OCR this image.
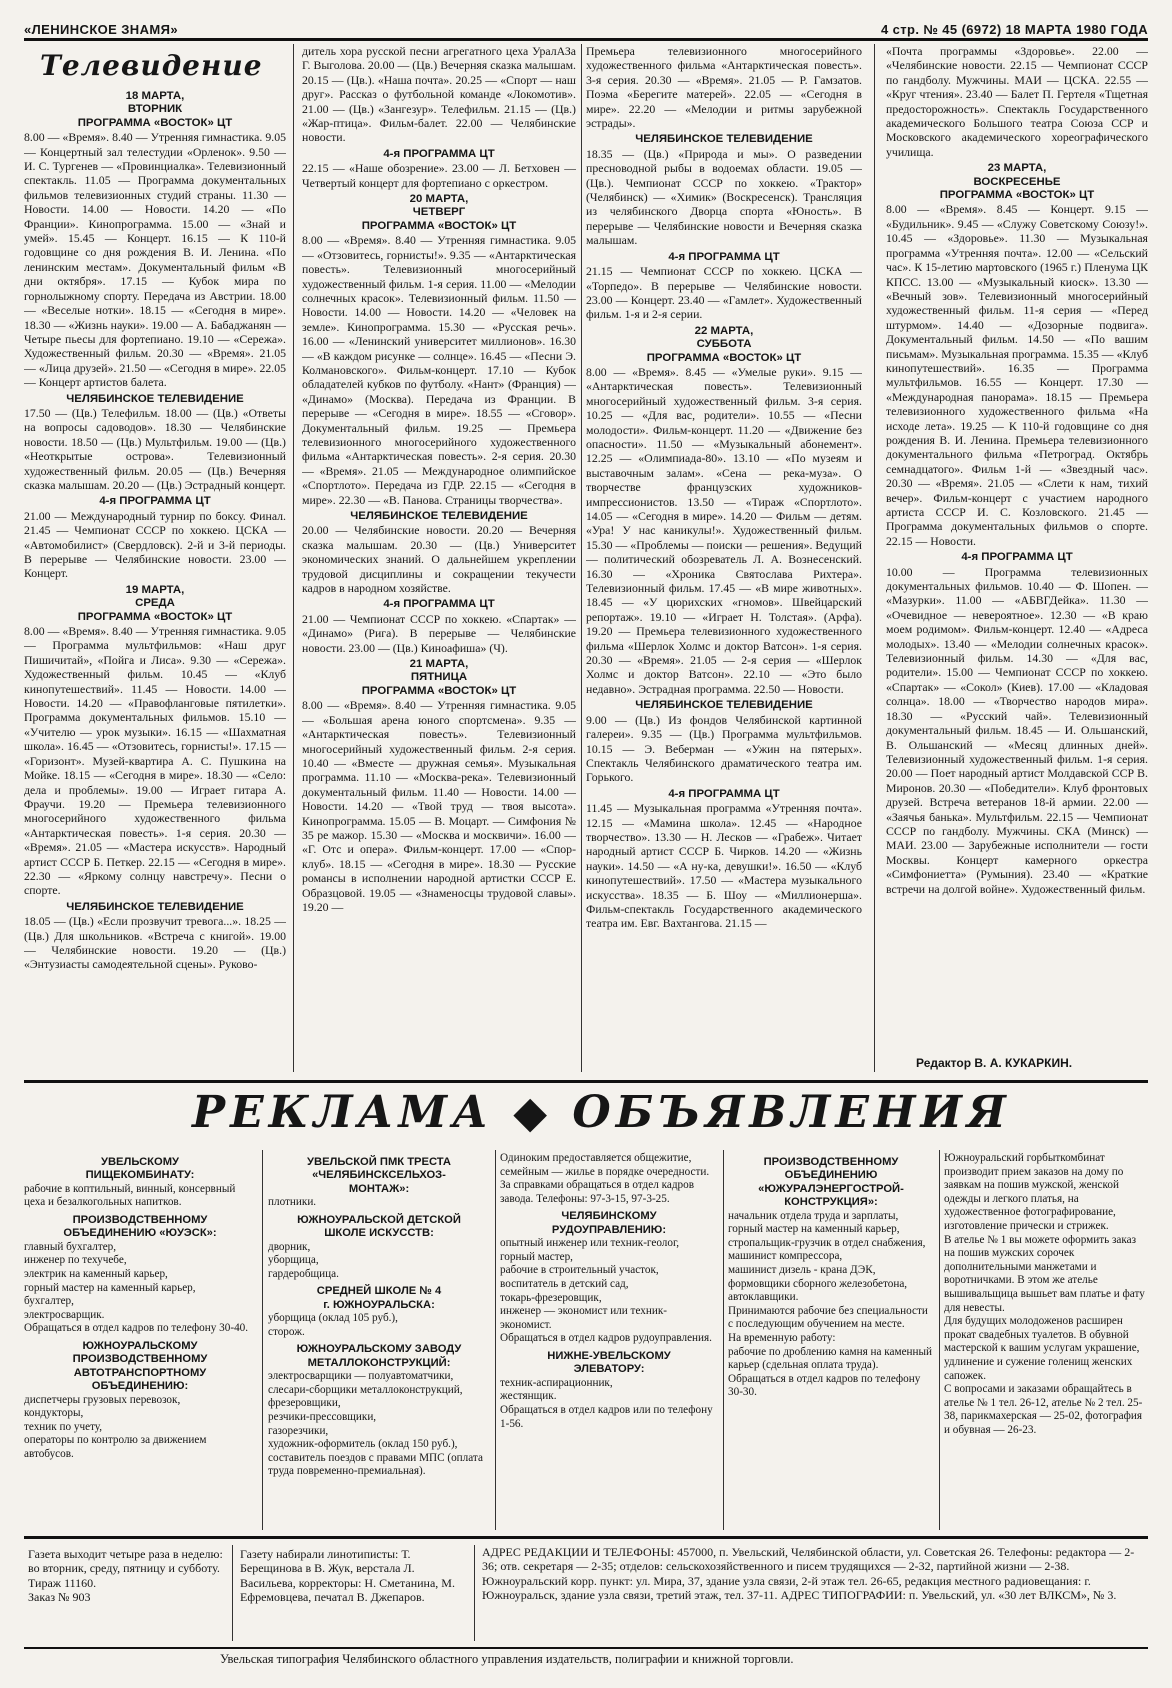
«ЛЕНИНСКОЕ ЗНАМЯ»	4 стр. № 45 (6972) 18 МАРТА 1980 ГОДА
Телевидение
18 МАРТА,
ВТОРНИК
ПРОГРАММА «ВОСТОК» ЦТ
8.00 — «Время». 8.40 — Утренняя гимнастика. 9.05 — Концертный зал телестудии «Орленок». 9.50 — И. С. Тургенев — «Провинциалка». Телевизионный спектакль. 11.05 — Программа документальных фильмов телевизионных студий страны. 11.30 — Новости. 14.00 — Новости. 14.20 — «По Франции». Кинопрограмма. 15.00 — «Знай и умей». 15.45 — Концерт. 16.15 — К 110-й годовщине со дня рождения В. И. Ленина. «По ленинским местам». Документальный фильм «В дни октября». 17.15 — Кубок мира по горнолыжному спорту. Передача из Австрии. 18.00 — «Веселые нотки». 18.15 — «Сегодня в мире». 18.30 — «Жизнь науки». 19.00 — А. Бабаджанян — Четыре пьесы для фортепиано. 19.10 — «Сережа». Художественный фильм. 20.30 — «Время». 21.05 — «Лица друзей». 21.50 — «Сегодня в мире». 22.05 — Концерт артистов балета.
ЧЕЛЯБИНСКОЕ ТЕЛЕВИДЕНИЕ
17.50 — (Цв.) Телефильм. 18.00 — (Цв.) «Ответы на вопросы садоводов». 18.30 — Челябинские новости. 18.50 — (Цв.) Мультфильм. 19.00 — (Цв.) «Неоткрытые острова». Телевизионный художественный фильм. 20.05 — (Цв.) Вечерняя сказка малышам. 20.20 — (Цв.) Эстрадный концерт.
4-я ПРОГРАММА ЦТ
21.00 — Международный турнир по боксу. Финал. 21.45 — Чемпионат СССР по хоккею. ЦСКА — «Автомобилист» (Свердловск). 2-й и 3-й периоды. В перерыве — Челябинские новости. 23.00 — Концерт.
19 МАРТА,
СРЕДА
ПРОГРАММА «ВОСТОК» ЦТ
8.00 — «Время». 8.40 — Утренняя гимнастика. 9.05 — Программа мультфильмов: «Наш друг Пишичитай», «Пойга и Лиса». 9.30 — «Сережа». Художественный фильм. 10.45 — «Клуб кинопутешествий». 11.45 — Новости. 14.00 — Новости. 14.20 — «Правофланговые пятилетки». Программа документальных фильмов. 15.10 — «Учителю — урок музыки». 16.15 — «Шахматная школа». 16.45 — «Отзовитесь, горнисты!». 17.15 — «Горизонт». Музей-квартира А. С. Пушкина на Мойке. 18.15 — «Сегодня в мире». 18.30 — «Село: дела и проблемы». 19.00 — Играет гитара А. Фраучи. 19.20 — Премьера телевизионного многосерийного художественного фильма «Антарктическая повесть». 1-я серия. 20.30 — «Время». 21.05 — «Мастера искусств». Народный артист СССР Б. Петкер. 22.15 — «Сегодня в мире». 22.30 — «Яркому солнцу навстречу». Песни о спорте.
ЧЕЛЯБИНСКОЕ ТЕЛЕВИДЕНИЕ
18.05 — (Цв.) «Если прозвучит тревога...». 18.25 — (Цв.) Для школьников. «Встреча с книгой». 19.00 — Челябинские новости. 19.20 — (Цв.) «Энтузиасты самодеятельной сцены». Руково-
дитель хора русской песни агрегатного цеха УралАЗа Г. Выголова. 20.00 — (Цв.) Вечерняя сказка малышам. 20.15 — (Цв.). «Наша почта». 20.25 — «Спорт — наш друг». Рассказ о футбольной команде «Локомотив». 21.00 — (Цв.) «Зангезур». Телефильм. 21.15 — (Цв.) «Жар-птица». Фильм-балет. 22.00 — Челябинские новости.
4-я ПРОГРАММА ЦТ
22.15 — «Наше обозрение». 23.00 — Л. Бетховен — Четвертый концерт для фортепиано с оркестром.
20 МАРТА,
ЧЕТВЕРГ
ПРОГРАММА «ВОСТОК» ЦТ
8.00 — «Время». 8.40 — Утренняя гимнастика. 9.05 — «Отзовитесь, горнисты!». 9.35 — «Антарктическая повесть». Телевизионный многосерийный художественный фильм. 1-я серия. 11.00 — «Мелодии солнечных красок». Телевизионный фильм. 11.50 — Новости. 14.00 — Новости. 14.20 — «Человек на земле». Кинопрограмма. 15.30 — «Русская речь». 16.00 — «Ленинский университет миллионов». 16.30 — «В каждом рисунке — солнце». 16.45 — «Песни Э. Колмановского». Фильм-концерт. 17.10 — Кубок обладателей кубков по футболу. «Нант» (Франция) — «Динамо» (Москва). Передача из Франции. В перерыве — «Сегодня в мире». 18.55 — «Сговор». Документальный фильм. 19.25 — Премьера телевизионного многосерийного художественного фильма «Антарктическая повесть». 2-я серия. 20.30 — «Время». 21.05 — Международное олимпийское «Спортлото». Передача из ГДР. 22.15 — «Сегодня в мире». 22.30 — «В. Панова. Страницы творчества».
ЧЕЛЯБИНСКОЕ ТЕЛЕВИДЕНИЕ
20.00 — Челябинские новости. 20.20 — Вечерняя сказка малышам. 20.30 — (Цв.) Университет экономических знаний. О дальнейшем укреплении трудовой дисциплины и сокращении текучести кадров в народном хозяйстве.
4-я ПРОГРАММА ЦТ
21.00 — Чемпионат СССР по хоккею. «Спартак» — «Динамо» (Рига). В перерыве — Челябинские новости. 23.00 — (Цв.) Киноафиша» (Ч).
21 МАРТА,
ПЯТНИЦА
ПРОГРАММА «ВОСТОК» ЦТ
8.00 — «Время». 8.40 — Утренняя гимнастика. 9.05 — «Большая арена юного спортсмена». 9.35 — «Антарктическая повесть». Телевизионный многосерийный художественный фильм. 2-я серия. 10.40 — «Вместе — дружная семья». Музыкальная программа. 11.10 — «Москва-река». Телевизионный документальный фильм. 11.40 — Новости. 14.00 — Новости. 14.20 — «Твой труд — твоя высота». Кинопрограмма. 15.05 — В. Моцарт. — Симфония № 35 ре мажор. 15.30 — «Москва и москвичи». 16.00 — «Г. Отс и опера». Фильм-концерт. 17.00 — «Спор-клуб». 18.15 — «Сегодня в мире». 18.30 — Русские романсы в исполнении народной артистки СССР Е. Образцовой. 19.05 — «Знаменосцы трудовой славы». 19.20 —
Премьера телевизионного многосерийного художественного фильма «Антарктическая повесть». 3-я серия. 20.30 — «Время». 21.05 — Р. Гамзатов. Поэма «Берегите матерей». 22.05 — «Сегодня в мире». 22.20 — «Мелодии и ритмы зарубежной эстрады».
ЧЕЛЯБИНСКОЕ ТЕЛЕВИДЕНИЕ
18.35 — (Цв.) «Природа и мы». О разведении пресноводной рыбы в водоемах области. 19.05 — (Цв.). Чемпионат СССР по хоккею. «Трактор» (Челябинск) — «Химик» (Воскресенск). Трансляция из челябинского Дворца спорта «Юность». В перерыве — Челябинские новости и Вечерняя сказка малышам.
4-я ПРОГРАММА ЦТ
21.15 — Чемпионат СССР по хоккею. ЦСКА — «Торпедо». В перерыве — Челябинские новости. 23.00 — Концерт. 23.40 — «Гамлет». Художественный фильм. 1-я и 2-я серии.
22 МАРТА,
СУББОТА
ПРОГРАММА «ВОСТОК» ЦТ
8.00 — «Время». 8.45 — «Умелые руки». 9.15 — «Антарктическая повесть». Телевизионный многосерийный художественный фильм. 3-я серия. 10.25 — «Для вас, родители». 10.55 — «Песни молодости». Фильм-концерт. 11.20 — «Движение без опасности». 11.50 — «Музыкальный абонемент». 12.25 — «Олимпиада-80». 13.10 — «По музеям и выставочным залам». «Сена — река-муза». О творчестве французских художников-импрессионистов. 13.50 — «Тираж «Спортлото». 14.05 — «Сегодня в мире». 14.20 — Фильм — детям. «Ура! У нас каникулы!». Художественный фильм. 15.30 — «Проблемы — поиски — решения». Ведущий — политический обозреватель Л. А. Вознесенский. 16.30 — «Хроника Святослава Рихтера». Телевизионный фильм. 17.45 — «В мире животных». 18.45 — «У цюрихских «гномов». Швейцарский репортаж». 19.10 — «Играет Н. Толстая». (Арфа). 19.20 — Премьера телевизионного художественного фильма «Шерлок Холмс и доктор Ватсон». 1-я серия. 20.30 — «Время». 21.05 — 2-я серия — «Шерлок Холмс и доктор Ватсон». 22.10 — «Это было недавно». Эстрадная программа. 22.50 — Новости.
ЧЕЛЯБИНСКОЕ ТЕЛЕВИДЕНИЕ
9.00 — (Цв.) Из фондов Челябинской картинной галереи». 9.35 — (Цв.) Программа мультфильмов. 10.15 — Э. Веберман — «Ужин на пятерых». Спектакль Челябинского драматического театра им. Горького.
4-я ПРОГРАММА ЦТ
11.45 — Музыкальная программа «Утренняя почта». 12.15 — «Мамина школа». 12.45 — «Народное творчество». 13.30 — Н. Лесков — «Грабеж». Читает народный артист СССР Б. Чирков. 14.20 — «Жизнь науки». 14.50 — «А ну-ка, девушки!». 16.50 — «Клуб кинопутешествий». 17.50 — «Мастера музыкального искусства». 18.35 — Б. Шоу — «Миллионерша». Фильм-спектакль Государственного академического театра им. Евг. Вахтангова. 21.15 —
«Почта программы «Здоровье». 22.00 — «Челябинские новости. 22.15 — Чемпионат СССР по гандболу. Мужчины. МАИ — ЦСКА. 22.55 — «Круг чтения». 23.40 — Балет П. Гертеля «Тщетная предосторожность». Спектакль Государственного академического Большого театра Союза ССР и Московского академического хореографического училища.
23 МАРТА,
ВОСКРЕСЕНЬЕ
ПРОГРАММА «ВОСТОК» ЦТ
8.00 — «Время». 8.45 — Концерт. 9.15 — «Будильник». 9.45 — «Служу Советскому Союзу!». 10.45 — «Здоровье». 11.30 — Музыкальная программа «Утренняя почта». 12.00 — «Сельский час». К 15-летию мартовского (1965 г.) Пленума ЦК КПСС. 13.00 — «Музыкальный киоск». 13.30 — «Вечный зов». Телевизионный многосерийный художественный фильм. 11-я серия — «Перед штурмом». 14.40 — «Дозорные подвига». Документальный фильм. 14.50 — «По вашим письмам». Музыкальная программа. 15.35 — «Клуб кинопутешествий». 16.35 — Программа мультфильмов. 16.55 — Концерт. 17.30 — «Международная панорама». 18.15 — Премьера телевизионного художественного фильма «На исходе лета». 19.25 — К 110-й годовщине со дня рождения В. И. Ленина. Премьера телевизионного документального фильма «Петроград. Октябрь семнадцатого». Фильм 1-й — «Звездный час». 20.30 — «Время». 21.05 — «Слети к нам, тихий вечер». Фильм-концерт с участием народного артиста СССР И. С. Козловского. 21.45 — Программа документальных фильмов о спорте. 22.15 — Новости.
4-я ПРОГРАММА ЦТ
10.00 — Программа телевизионных документальных фильмов. 10.40 — Ф. Шопен. — «Мазурки». 11.00 — «АБВГДейка». 11.30 — «Очевидное — невероятное». 12.30 — «В краю моем родимом». Фильм-концерт. 12.40 — «Адреса молодых». 13.40 — «Мелодии солнечных красок». Телевизионный фильм. 14.30 — «Для вас, родители». 15.00 — Чемпионат СССР по хоккею. «Спартак» — «Сокол» (Киев). 17.00 — «Кладовая солнца». 18.00 — «Творчество народов мира». 18.30 — «Русский чай». Телевизионный документальный фильм. 18.45 — И. Ольшанский, В. Ольшанский — «Месяц длинных дней». Телевизионный художественный фильм. 1-я серия. 20.00 — Поет народный артист Молдавской ССР В. Миронов. 20.30 — «Победители». Клуб фронтовых друзей. Встреча ветеранов 18-й армии. 22.00 — «Заячья банька». Мультфильм. 22.15 — Чемпионат СССР по гандболу. Мужчины. СКА (Минск) — МАИ. 23.00 — Зарубежные исполнители — гости Москвы. Концерт камерного оркестра «Симфониетта» (Румыния). 23.40 — «Краткие встречи на долгой войне». Художественный фильм.
Редактор В. А. КУКАРКИН.
РЕКЛАМА ◆ ОБЪЯВЛЕНИЯ
УВЕЛЬСКОМУ
ПИЩЕКОМБИНАТУ:
рабочие в коптильный, винный, консервный цеха и безалкогольных напитков.
ПРОИЗВОДСТВЕННОМУ
ОБЪЕДИНЕНИЮ «ЮУЭСК»:
главный бухгалтер,
инженер по техучебе,
электрик на каменный карьер,
горный мастер на каменный карьер,
бухгалтер,
электросварщик.
Обращаться в отдел кадров по телефону 30-40.
ЮЖНОУРАЛЬСКОМУ
ПРОИЗВОДСТВЕННОМУ
АВТОТРАНСПОРТНОМУ
ОБЪЕДИНЕНИЮ:
диспетчеры грузовых перевозок,
кондукторы,
техник по учету,
операторы по контролю за движением автобусов.
УВЕЛЬСКОЙ ПМК ТРЕСТА
«ЧЕЛЯБИНСКСЕЛЬХОЗ-
МОНТАЖ»:
плотники.
ЮЖНОУРАЛЬСКОЙ ДЕТСКОЙ
ШКОЛЕ ИСКУССТВ:
дворник,
уборщица,
гардеробщица.
СРЕДНЕЙ ШКОЛЕ № 4
г. ЮЖНОУРАЛЬСКА:
уборщица (оклад 105 руб.),
сторож.
ЮЖНОУРАЛЬСКОМУ ЗАВОДУ
МЕТАЛЛОКОНСТРУКЦИЙ:
электросварщики — полуавтоматчики,
слесари-сборщики металлоконструкций,
фрезеровщики,
резчики-прессовщики,
газорезчики,
художник-оформитель (оклад 150 руб.),
составитель поездов с правами МПС (оплата труда повременно-премиальная).
Одиноким предоставляется общежитие, семейным — жилье в порядке очередности.
За справками обращаться в отдел кадров завода. Телефоны: 97-3-15, 97-3-25.
ЧЕЛЯБИНСКОМУ
РУДОУПРАВЛЕНИЮ:
опытный инженер или техник-геолог,
горный мастер,
рабочие в строительный участок,
воспитатель в детский сад,
токарь-фрезеровщик,
инженер — экономист или техник-экономист.
Обращаться в отдел кадров рудоуправления.
НИЖНЕ-УВЕЛЬСКОМУ
ЭЛЕВАТОРУ:
техник-аспирационник,
жестянщик.
Обращаться в отдел кадров или по телефону 1-56.
ПРОИЗВОДСТВЕННОМУ
ОБЪЕДИНЕНИЮ
«ЮЖУРАЛЭНЕРГОСТРОЙ-
КОНСТРУКЦИЯ»:
начальник отдела труда и зарплаты,
горный мастер на каменный карьер,
стропальщик-грузчик в отдел снабжения,
машинист компрессора,
машинист дизель - крана ДЭК,
формовщики сборного железобетона,
автоклавщики.
Принимаются рабочие без специальности с последующим обучением на месте.
На временную работу:
рабочие по дроблению камня на каменный карьер (сдельная оплата труда).
Обращаться в отдел кадров по телефону 30-30.
Южноуральский горбыткомбинат производит прием заказов на дому по заявкам на пошив мужской, женской одежды и легкого платья, на художественное фотографирование, изготовление прически и стрижек.
В ателье № 1 вы можете оформить заказ на пошив мужских сорочек дополнительными манжетами и воротничками. В этом же ателье вышивальщица вышьет вам платье и фату для невесты.
Для будущих молодоженов расширен прокат свадебных туалетов. В обувной мастерской к вашим услугам украшение, удлинение и сужение голенищ женских сапожек.
С вопросами и заказами обращайтесь в ателье № 1 тел. 26-12, ателье № 2 тел. 25-38, парикмахерская — 25-02, фотография и обувная — 26-23.
Газета выходит четыре раза в неделю: во вторник, среду, пятницу и субботу.
Тираж 11160.
Заказ № 903
Газету набирали линотиписты: Т. Берещинова в В. Жук, верстала Л. Васильева, корректоры: Н. Сметанина, М. Ефремовцева, печатал В. Джепаров.
АДРЕС РЕДАКЦИИ И ТЕЛЕФОНЫ: 457000, п. Увельский, Челябинской области, ул. Советская 26. Телефоны: редактора — 2-36; отв. секретаря — 2-35; отделов: сельскохозяйственного и писем трудящихся — 2-32, партийной жизни — 2-38. Южноуральский корр. пункт: ул. Мира, 37, здание узла связи, 2-й этаж тел. 26-65, редакция местного радиовещания: г. Южноуральск, здание узла связи, третий этаж, тел. 37-11. АДРЕС ТИПОГРАФИИ: п. Увельский, ул. «30 лет ВЛКСМ», № 3.
Увельская типография Челябинского областного управления издательств, полиграфии и книжной торговли.
